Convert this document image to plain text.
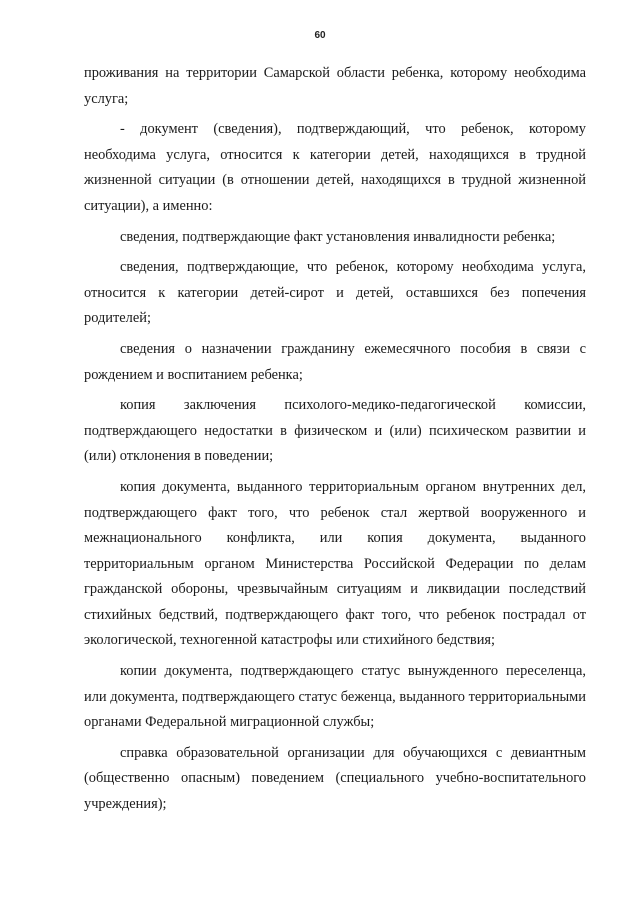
60

проживания на территории Самарской области ребенка, которому необходима услуга;

- документ (сведения), подтверждающий, что ребенок, которому необходима услуга, относится к категории детей, находящихся в трудной жизненной ситуации (в отношении детей, находящихся в трудной жизненной ситуации), а именно:

сведения, подтверждающие факт установления инвалидности ребенка;

сведения, подтверждающие, что ребенок, которому необходима услуга, относится к категории детей-сирот и детей, оставшихся без попечения родителей;

сведения о назначении гражданину ежемесячного пособия в связи с рождением и воспитанием ребенка;

копия заключения психолого-медико-педагогической комиссии, подтверждающего недостатки в физическом и (или) психическом развитии и (или) отклонения в поведении;

копия документа, выданного территориальным органом внутренних дел, подтверждающего факт того, что ребенок стал жертвой вооруженного и межнационального конфликта, или копия документа, выданного территориальным органом Министерства Российской Федерации по делам гражданской обороны, чрезвычайным ситуациям и ликвидации последствий стихийных бедствий, подтверждающего факт того, что ребенок пострадал от экологической, техногенной катастрофы или стихийного бедствия;

копии документа, подтверждающего статус вынужденного переселенца, или документа, подтверждающего статус беженца, выданного территориальными органами Федеральной миграционной службы;

справка образовательной организации для обучающихся с девиантным (общественно опасным) поведением (специального учебно-воспитательного учреждения);
